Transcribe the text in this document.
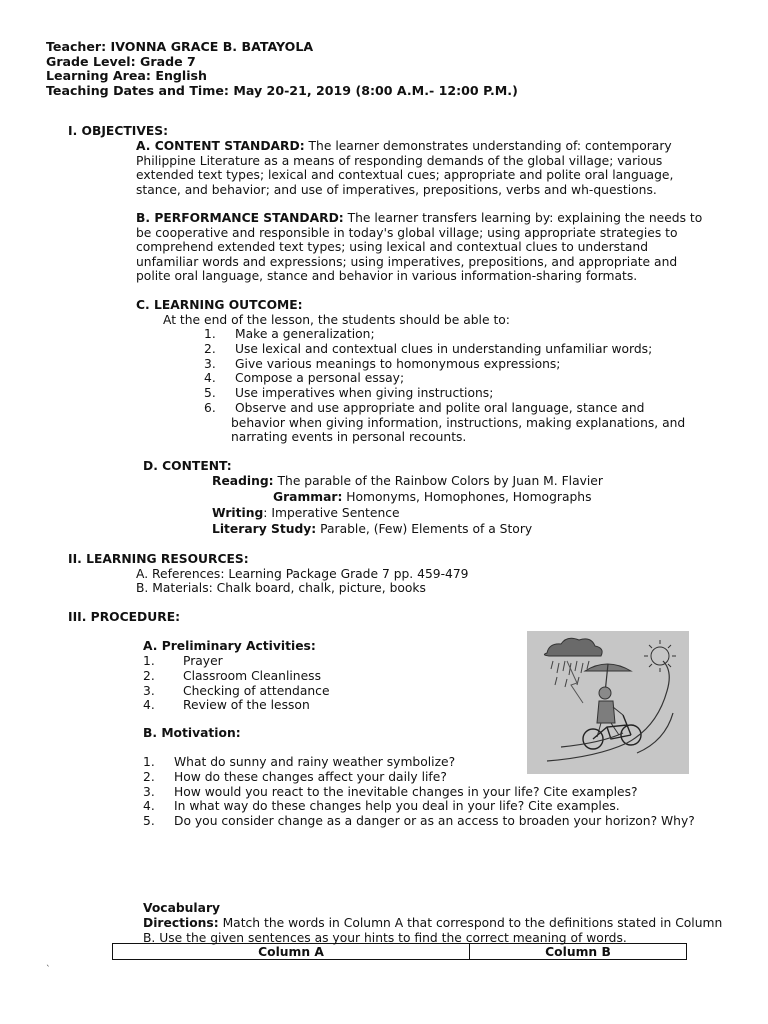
Teacher: IVONNA GRACE B. BATAYOLA
Grade Level: Grade 7
Learning Area: English
Teaching Dates and Time: May 20-21, 2019 (8:00 A.M.- 12:00 P.M.)
I. OBJECTIVES:

A. CONTENT STANDARD: The learner demonstrates understanding of: contemporary

Philippine Literature as a means of responding demands of the global village; various extended text types; lexical and contextual cues; appropriate and polite oral language, stance, and behavior; and use of imperatives, prepositions, verbs and wh-questions.

B. PERFORMANCE STANDARD: The learner transfers learning by: explaining the needs to

be cooperative and responsible in today's global village; using appropriate strategies to comprehend extended text types; using lexical and contextual clues to understand unfamiliar words and expressions; using imperatives, prepositions, and appropriate and polite oral language, stance and behavior in various information-sharing formats.

C. LEARNING OUTCOME:
At the end of the lesson, the students should be able to:
1. Make a generalization;
2. Use lexical and contextual clues in understanding unfamiliar words;
3. Give various meanings to homonymous expressions;
4. Compose a personal essay;
5. Use imperatives when giving instructions;
6.	Observe and use appropriate and polite oral language, stance and behavior when giving information, instructions, making explanations, and narrating events in personal recounts.

D. CONTENT:
Reading: The parable of the Rainbow Colors by Juan M. Flavier
Grammar: Homonyms, Homophones, Homographs
Writing: Imperative Sentence
Literary Study: Parable, (Few) Elements of a Story
II. LEARNING RESOURCES:
A. References: Learning Package Grade 7 pp. 459-479
B. Materials: Chalk board, chalk, picture, books
III. PROCEDURE:
A. Preliminary Activities:
1. Prayer
2. Classroom Cleanliness
3. Checking of attendance
4. Review of the lesson
B. Motivation:
1. What do sunny and rainy weather symbolize?
2. How do these changes affect your daily life?
3. How would you react to the inevitable changes in your life? Cite examples?
4. In what way do these changes help you deal in your life? Cite examples.
5. Do you consider change as a danger or as an access to broaden your horizon? Why?
Vocabulary

Directions: Match the words in Column A that correspond to the definitions stated in Column B. Use the given sentences as your hints to find the correct meaning of words.

Column A	Column B
`
